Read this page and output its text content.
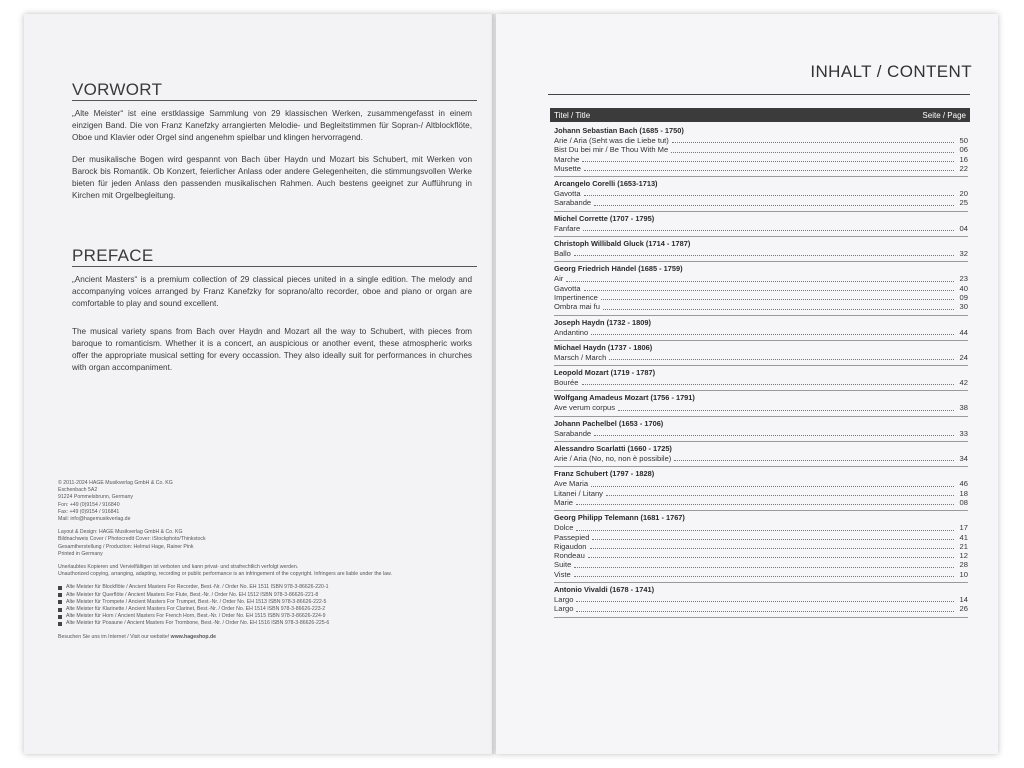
VORWORT
„Alte Meister“ ist eine erstklassige Sammlung von 29 klassischen Werken, zusammengefasst in einem einzigen Band. Die von Franz Kanefzky arrangierten Melodie- und Begleitstimmen für Sopran-/ Altblockflöte, Oboe und Klavier oder Orgel sind angenehm spielbar und klingen hervorragend.
Der musikalische Bogen wird gespannt von Bach über Haydn und Mozart bis Schubert, mit Werken von Barock bis Romantik. Ob Konzert, feierlicher Anlass oder andere Gelegenheiten, die stimmungsvollen Werke bieten für jeden Anlass den passenden musikalischen Rahmen. Auch bestens geeignet zur Aufführung in Kirchen mit Orgelbegleitung.
PREFACE
„Ancient Masters“ is a premium collection of 29 classical pieces united in a single edition. The melody and accompanying voices arranged by Franz Kanefzky for soprano/alto recorder, oboe and piano or organ are comfortable to play and sound excellent.
The musical variety spans from Bach over Haydn and Mozart all the way to Schubert, with pieces from baroque to romanticism. Whether it is a concert, an auspicious or another event, these atmospheric works offer the appropriate musical setting for every occassion. They also ideally suit for performances in churches with organ accompaniment.
© 2011-2024 HAGE Musikverlag GmbH & Co. KG
Eschenbach 5A2
91224 Pommelsbrunn, Germany
Fon: +49 (0)9154 / 916840
Fax: +49 (0)9154 / 916841
Mail: info@hagemusikverlag.de
Layout & Design: HAGE Musikverlag GmbH & Co. KG
Bildnachweis Cover / Photocredit Cover: iStockphoto/Thinkstock
Gesamtherstellung / Production: Helmut Hage, Rainer Pink
Printed in Germany
Unerlaubtes Kopieren und Vervielfältigen ist verboten und kann privat- und strafrechtlich verfolgt werden.
Unauthorized copying, arranging, adapting, recording or public performance is an infringement of the copyright. Infringers are liable under the law.
Alte Meister für Blockflöte / Ancient Masters For Recorder, Best.-Nr. / Order No. EH 1511 ISBN 978-3-86626-220-1
Alte Meister für Querflöte / Ancient Masters For Flute, Best.-Nr. / Order No. EH 1512 ISBN 978-3-86626-221-8
Alte Meister für Trompete / Ancient Masters For Trumpet, Best.-Nr. / Order No. EH 1513 ISBN 978-3-86626-222-5
Alte Meister für Klarinette / Ancient Masters For Clarinet, Best.-Nr. / Order No. EH 1514 ISBN 978-3-86626-223-2
Alte Meister für Horn / Ancient Masters For French Horn, Best.-Nr. / Order No. EH 1515 ISBN 978-3-86626-224-9
Alte Meister für Posaune / Ancient Masters For Trombone, Best.-Nr. / Order No. EH 1516 ISBN 978-3-86626-225-6
Besuchen Sie uns im Internet / Visit our website! www.hageshop.de
INHALT / CONTENT
Titel / Title	Seite / Page
Johann Sebastian Bach (1685 - 1750)
Arie / Aria (Seht was die Liebe tut)	50
Bist Du bei mir / Be Thou With Me	06
Marche	16
Musette	22
Arcangelo Corelli (1653-1713)
Gavotta	20
Sarabande	25
Michel Corrette (1707 - 1795)
Fanfare	04
Christoph Willibald Gluck (1714 - 1787)
Ballo	32
Georg Friedrich Händel (1685 - 1759)
Air	23
Gavotta	40
Impertinence	09
Ombra mai fu	30
Joseph Haydn (1732 - 1809)
Andantino	44
Michael Haydn (1737 - 1806)
Marsch / March	24
Leopold Mozart (1719 - 1787)
Bourée	42
Wolfgang Amadeus Mozart (1756 - 1791)
Ave verum corpus	38
Johann Pachelbel (1653 - 1706)
Sarabande	33
Alessandro Scarlatti (1660 - 1725)
Arie / Aria (No, no, non è possibile)	34
Franz Schubert (1797 - 1828)
Ave Maria	46
Litanei / Litany	18
Marie	08
Georg Philipp Telemann (1681 - 1767)
Dolce	17
Passepied	41
Rigaudon	21
Rondeau	12
Suite	28
Viste	10
Antonio Vivaldi (1678 - 1741)
Largo	14
Largo	26
